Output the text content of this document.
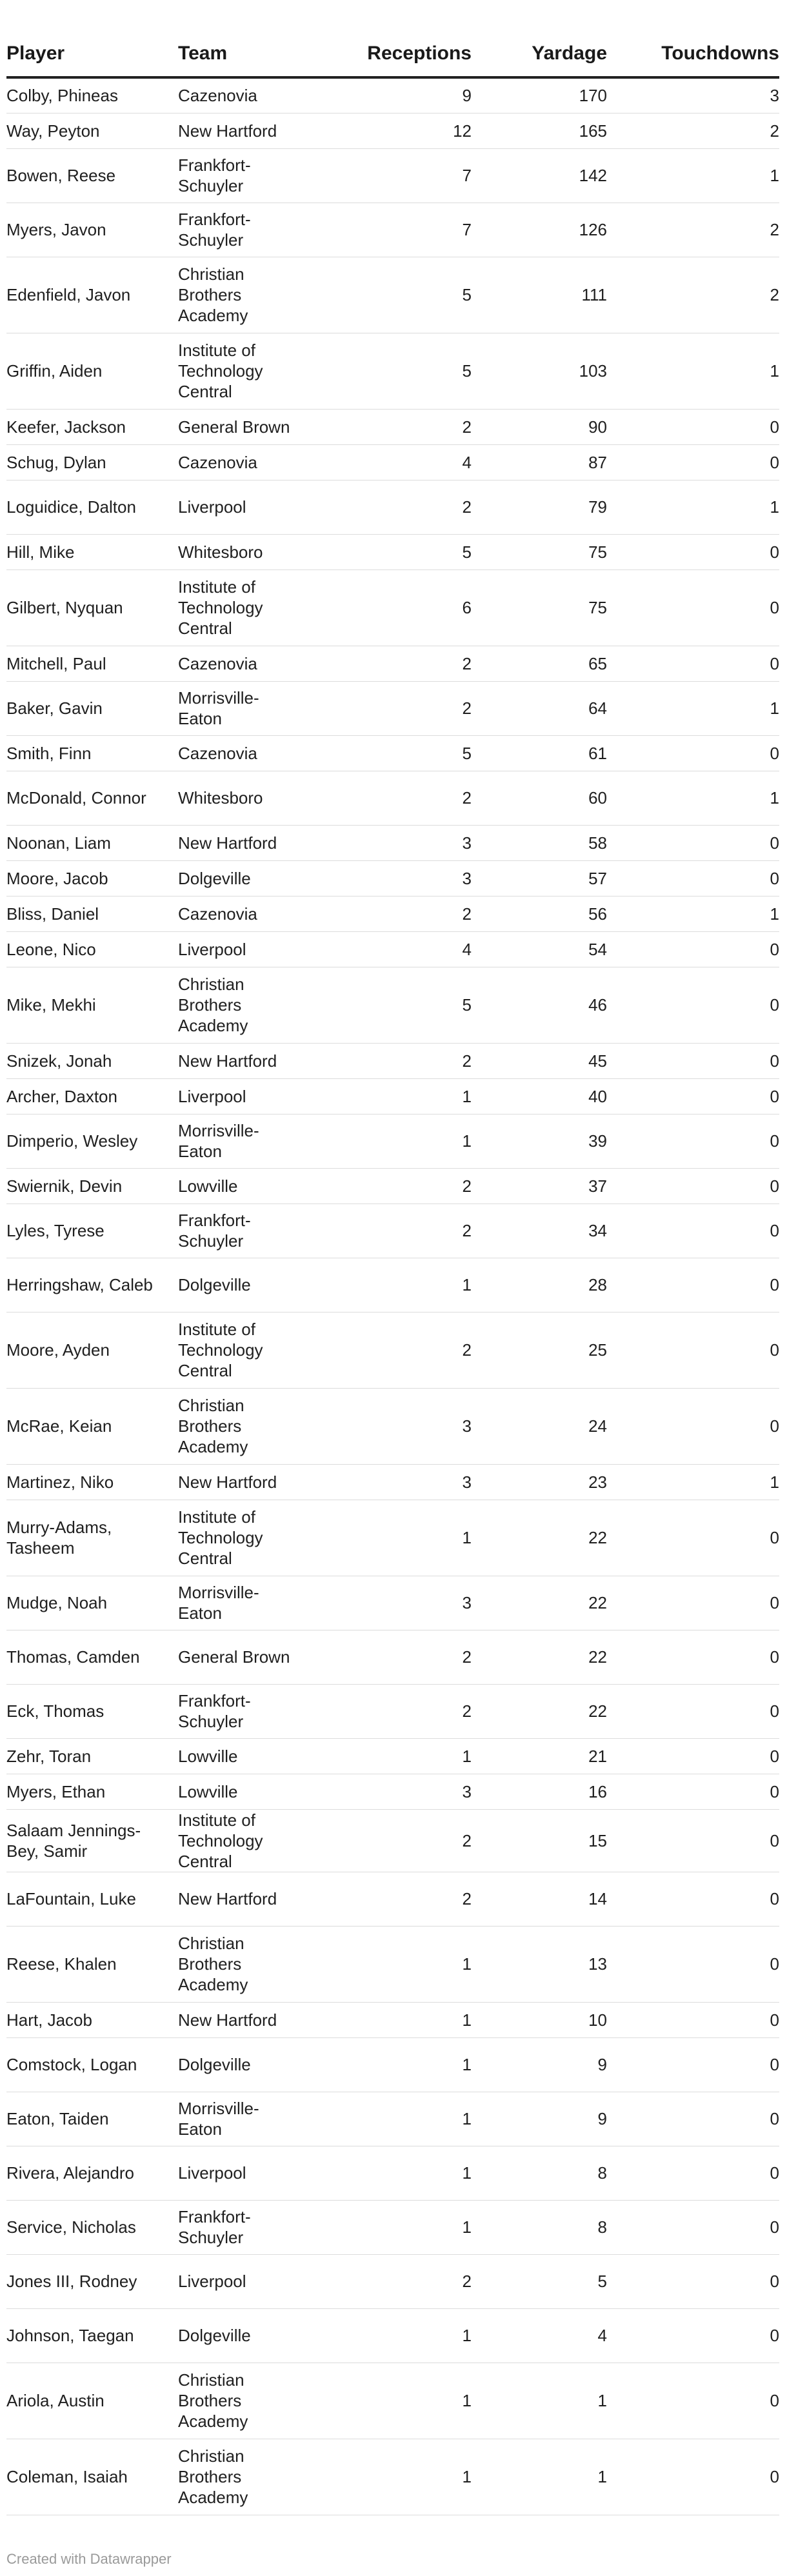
Player	Team	Receptions	Yardage	Touchdowns
Colby, Phineas	Cazenovia	9	170	3
Way, Peyton	New Hartford	12	165	2
Bowen, Reese	Frankfort-Schuyler	7	142	1
Myers, Javon	Frankfort-Schuyler	7	126	2
Edenfield, Javon	Christian Brothers Academy	5	111	2
Griffin, Aiden	Institute of Technology Central	5	103	1
Keefer, Jackson	General Brown	2	90	0
Schug, Dylan	Cazenovia	4	87	0
Loguidice, Dalton	Liverpool	2	79	1
Hill, Mike	Whitesboro	5	75	0
Gilbert, Nyquan	Institute of Technology Central	6	75	0
Mitchell, Paul	Cazenovia	2	65	0
Baker, Gavin	Morrisville-Eaton	2	64	1
Smith, Finn	Cazenovia	5	61	0
McDonald, Connor	Whitesboro	2	60	1
Noonan, Liam	New Hartford	3	58	0
Moore, Jacob	Dolgeville	3	57	0
Bliss, Daniel	Cazenovia	2	56	1
Leone, Nico	Liverpool	4	54	0
Mike, Mekhi	Christian Brothers Academy	5	46	0
Snizek, Jonah	New Hartford	2	45	0
Archer, Daxton	Liverpool	1	40	0
Dimperio, Wesley	Morrisville-Eaton	1	39	0
Swiernik, Devin	Lowville	2	37	0
Lyles, Tyrese	Frankfort-Schuyler	2	34	0
Herringshaw, Caleb	Dolgeville	1	28	0
Moore, Ayden	Institute of Technology Central	2	25	0
McRae, Keian	Christian Brothers Academy	3	24	0
Martinez, Niko	New Hartford	3	23	1
Murry-Adams, Tasheem	Institute of Technology Central	1	22	0
Mudge, Noah	Morrisville-Eaton	3	22	0
Thomas, Camden	General Brown	2	22	0
Eck, Thomas	Frankfort-Schuyler	2	22	0
Zehr, Toran	Lowville	1	21	0
Myers, Ethan	Lowville	3	16	0
Salaam Jennings-Bey, Samir	Institute of Technology Central	2	15	0
LaFountain, Luke	New Hartford	2	14	0
Reese, Khalen	Christian Brothers Academy	1	13	0
Hart, Jacob	New Hartford	1	10	0
Comstock, Logan	Dolgeville	1	9	0
Eaton, Taiden	Morrisville-Eaton	1	9	0
Rivera, Alejandro	Liverpool	1	8	0
Service, Nicholas	Frankfort-Schuyler	1	8	0
Jones III, Rodney	Liverpool	2	5	0
Johnson, Taegan	Dolgeville	1	4	0
Ariola, Austin	Christian Brothers Academy	1	1	0
Coleman, Isaiah	Christian Brothers Academy	1	1	0
Created with Datawrapper
